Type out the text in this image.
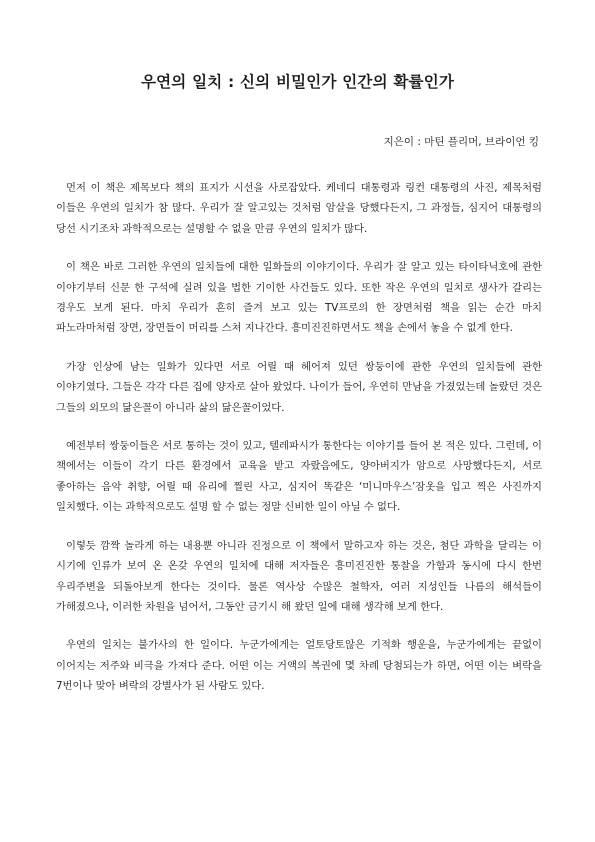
우연의 일치 : 신의 비밀인가 인간의 확률인가

지은이 : 마틴 플리머, 브라이언 킹

먼저 이 책은 제목보다 책의 표지가 시선을 사로잡았다. 케네디 대통령과 링컨 대통령의 사진, 제목처럼 이들은 우연의 일치가 참 많다. 우리가 잘 알고있는 것처럼 암살을 당했다든지, 그 과정들, 심지어 대통령의 당선 시기조차 과학적으로는 설명할 수 없을 만큼 우연의 일치가 많다.

이 책은 바로 그러한 우연의 일치들에 대한 일화들의 이야기이다. 우리가 잘 알고 있는 타이타닉호에 관한 이야기부터 신문 한 구석에 실려 있을 법한 기이한 사건들도 있다. 또한 작은 우연의 일치로 생사가 갈리는 경우도 보게 된다. 마치 우리가 흔히 즐겨 보고 있는 TV프로의 한 장면처럼 책을 읽는 순간 마치 파노라마처럼 장면, 장면들이 머리를 스쳐 지나간다. 흥미진진하면서도 책을 손에서 놓을 수 없게 한다.

가장 인상에 남는 일화가 있다면 서로 어릴 때 헤어져 있던 쌍둥이에 관한 우연의 일치들에 관한 이야기였다. 그들은 각각 다른 집에 양자로 살아 왔었다. 나이가 들어, 우연히 만남을 가졌었는데 놀랐던 것은 그들의 외모의 닮은꼴이 아니라 삶의 닮은꼴이었다.

예전부터 쌍둥이들은 서로 통하는 것이 있고, 텔레파시가 통한다는 이야기를 들어 본 적은 있다. 그런데, 이 책에서는 이들이 각기 다른 환경에서 교육을 받고 자랐음에도, 양아버지가 암으로 사망했다든지, 서로 좋아하는 음악 취향, 어릴 때 유리에 찔린 사고, 심지어 똑같은 ‘미니마우스’잠옷을 입고 찍은 사진까지 일치했다. 이는 과학적으로도 설명 할 수 없는 정말 신비한 일이 아닐 수 없다.

이렇듯 깜짝 놀라게 하는 내용뿐 아니라 진정으로 이 책에서 말하고자 하는 것은, 첨단 과학을 달리는 이 시기에 인류가 보여 온 온갖 우연의 일치에 대해 저자들은 흥미진진한 통찰을 가함과 동시에 다시 한번 우리주변을 되돌아보게 한다는 것이다. 물론 역사상 수많은 철학자, 여러 지성인들 나름의 해석들이 가해졌으나, 이러한 차원을 넘어서, 그동안 금기시 해 왔던 일에 대해 생각해 보게 한다.

우연의 일치는 불가사의 한 일이다. 누군가에게는 얼토당토않은 기적화 행운을, 누군가에게는 끝없이 이어지는 저주와 비극을 가져다 준다. 어떤 이는 거액의 복권에 몇 차례 당첨되는가 하면, 어떤 이는 벼락을 7번이나 맞아 벼락의 강별사가 된 사람도 있다.
